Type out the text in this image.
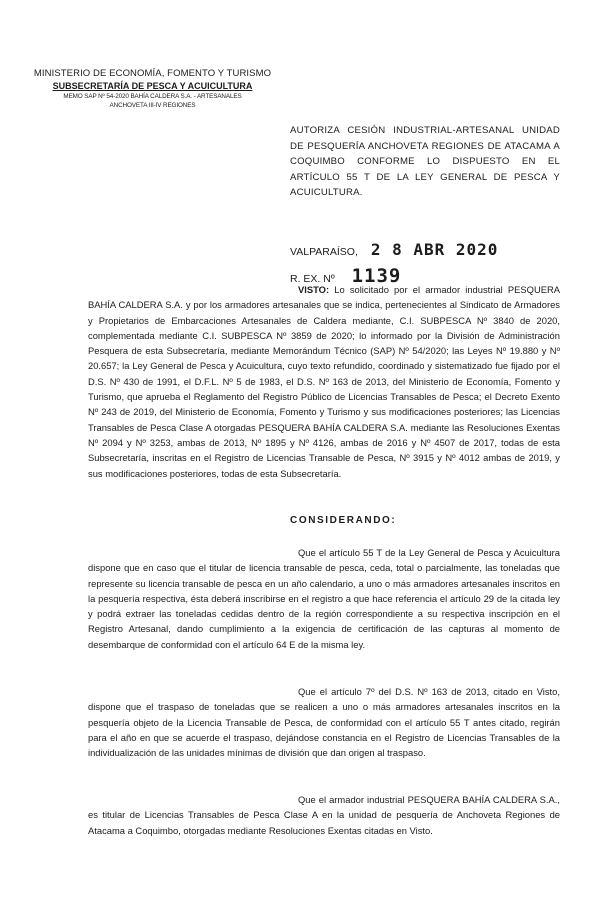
MINISTERIO DE ECONOMÍA, FOMENTO Y TURISMO
SUBSECRETARÍA DE PESCA Y ACUICULTURA
MEMO SAP Nº 54-2020 BAHÍA CALDERA S.A. - ARTESANALES
ANCHOVETA III-IV REGIONES
AUTORIZA CESIÓN INDUSTRIAL-ARTESANAL UNIDAD DE PESQUERÍA ANCHOVETA REGIONES DE ATACAMA A COQUIMBO CONFORME LO DISPUESTO EN EL ARTÍCULO 55 T DE LA LEY GENERAL DE PESCA Y ACUICULTURA.
VALPARAÍSO, 2 8 ABR 2020
R. EX. Nº 1139

VISTO: Lo solicitado por el armador industrial PESQUERA BAHÍA CALDERA S.A. y por los armadores artesanales que se indica, pertenecientes al Sindicato de Armadores y Propietarios de Embarcaciones Artesanales de Caldera mediante, C.I. SUBPESCA Nº 3840 de 2020, complementada mediante C.I. SUBPESCA Nº 3859 de 2020; lo informado por la División de Administración Pesquera de esta Subsecretaría, mediante Memorándum Técnico (SAP) Nº 54/2020; las Leyes Nº 19.880 y Nº 20.657; la Ley General de Pesca y Acuicultura, cuyo texto refundido, coordinado y sistematizado fue fijado por el D.S. Nº 430 de 1991, el D.F.L. Nº 5 de 1983, el D.S. Nº 163 de 2013, del Ministerio de Economía, Fomento y Turismo, que aprueba el Reglamento del Registro Público de Licencias Transables de Pesca; el Decreto Exento Nº 243 de 2019, del Ministerio de Economía, Fomento y Turismo y sus modificaciones posteriores; las Licencias Transables de Pesca Clase A otorgadas PESQUERA BAHÍA CALDERA S.A. mediante las Resoluciones Exentas Nº 2094 y Nº 3253, ambas de 2013, Nº 1895 y Nº 4126, ambas de 2016 y Nº 4507 de 2017, todas de esta Subsecretaría, inscritas en el Registro de Licencias Transable de Pesca, Nº 3915 y Nº 4012 ambas de 2019, y sus modificaciones posteriores, todas de esta Subsecretaría.

CONSIDERANDO:

Que el artículo 55 T de la Ley General de Pesca y Acuicultura dispone que en caso que el titular de licencia transable de pesca, ceda, total o parcialmente, las toneladas que represente su licencia transable de pesca en un año calendario, a uno o más armadores artesanales inscritos en la pesquería respectiva, ésta deberá inscribirse en el registro a que hace referencia el artículo 29 de la citada ley y podrá extraer las toneladas cedidas dentro de la región correspondiente a su respectiva inscripción en el Registro Artesanal, dando cumplimiento a la exigencia de certificación de las capturas al momento de desembarque de conformidad con el artículo 64 E de la misma ley.

Que el artículo 7º del D.S. Nº 163 de 2013, citado en Visto, dispone que el traspaso de toneladas que se realicen a uno o más armadores artesanales inscritos en la pesquería objeto de la Licencia Transable de Pesca, de conformidad con el artículo 55 T antes citado, regirán para el año en que se acuerde el traspaso, dejándose constancia en el Registro de Licencias Transables de la individualización de las unidades mínimas de división que dan origen al traspaso.

Que el armador industrial PESQUERA BAHÍA CALDERA S.A., es titular de Licencias Transables de Pesca Clase A en la unidad de pesquería de Anchoveta Regiones de Atacama a Coquimbo, otorgadas mediante Resoluciones Exentas citadas en Visto.
